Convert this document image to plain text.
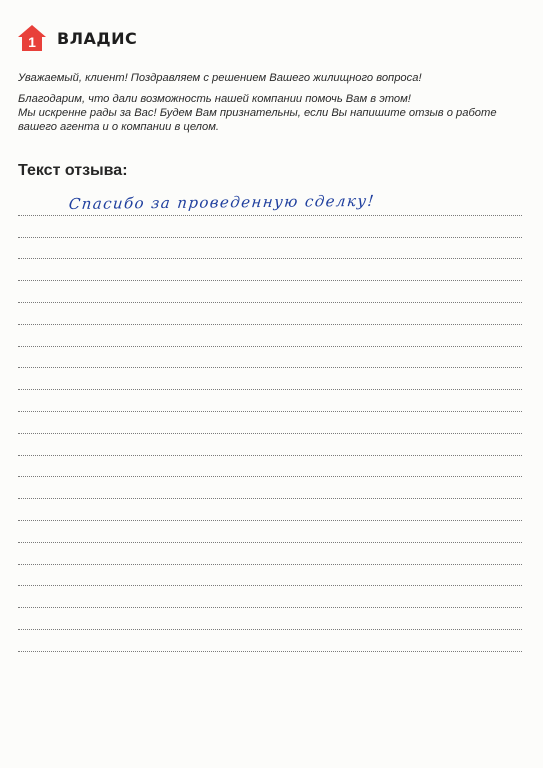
1 ВЛАДИС

Уважаемый, клиент! Поздравляем с решением Вашего жилищного вопроса!

Благодарим, что дали возможность нашей компании помочь Вам в этом!

Мы искренне рады за Вас! Будем Вам признательны, если Вы напишите отзыв о работе

вашего агента и о компании в целом.

Текст отзыва:
Спасибо за проведенную сделку!
